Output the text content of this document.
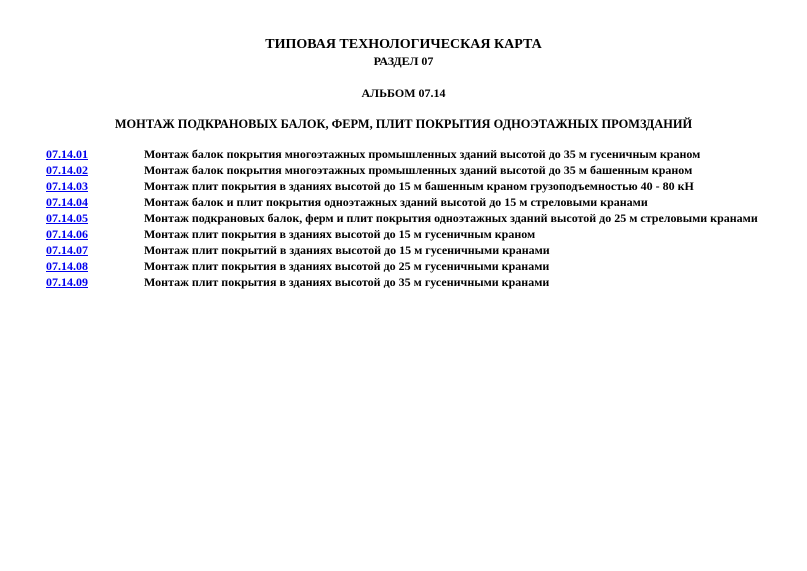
ТИПОВАЯ ТЕХНОЛОГИЧЕСКАЯ КАРТА
РАЗДЕЛ 07
АЛЬБОМ 07.14
МОНТАЖ ПОДКРАНОВЫХ БАЛОК, ФЕРМ, ПЛИТ ПОКРЫТИЯ ОДНОЭТАЖНЫХ ПРОМЗДАНИЙ
07.14.01	Монтаж балок покрытия многоэтажных промышленных зданий высотой до 35 м гусеничным краном
07.14.02	Монтаж балок покрытия многоэтажных промышленных зданий высотой до 35 м башенным краном
07.14.03	Монтаж плит покрытия в зданиях высотой до 15 м башенным краном грузоподъемностью 40 - 80 кН
07.14.04	Монтаж балок и плит покрытия одноэтажных зданий высотой до 15 м стреловыми кранами
07.14.05	Монтаж подкрановых балок, ферм и плит покрытия одноэтажных зданий высотой до 25 м стреловыми кранами
07.14.06	Монтаж плит покрытия в зданиях высотой до 15 м гусеничным краном
07.14.07	Монтаж плит покрытий в зданиях высотой до 15 м гусеничными кранами
07.14.08	Монтаж плит покрытия в зданиях высотой до 25 м гусеничными кранами
07.14.09	Монтаж плит покрытия в зданиях высотой до 35 м гусеничными кранами
